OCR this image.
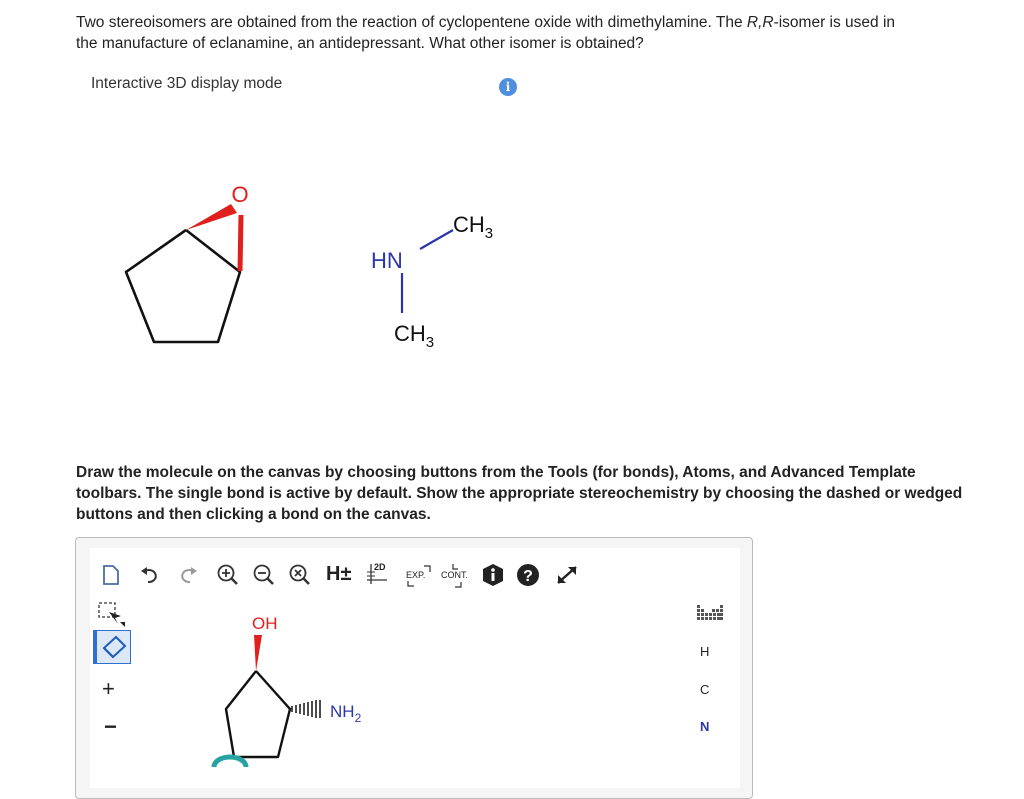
Two stereoisomers are obtained from the reaction of cyclopentene oxide with dimethylamine. The R,R-isomer is used in
the manufacture of eclanamine, an antidepressant. What other isomer is obtained?
Interactive 3D display mode	i
O
HN
$CH_3$
$CH_3$
Draw the molecule on the canvas by choosing buttons from the Tools (for bonds), Atoms, and Advanced Template toolbars. The single bond is active by default. Show the appropriate stereochemistry by choosing the dashed or wedged buttons and then clicking a bond on the canvas.
H±	2D
EXP. CONT.	?
+
−
H
C
N
OH
$NH_2$
